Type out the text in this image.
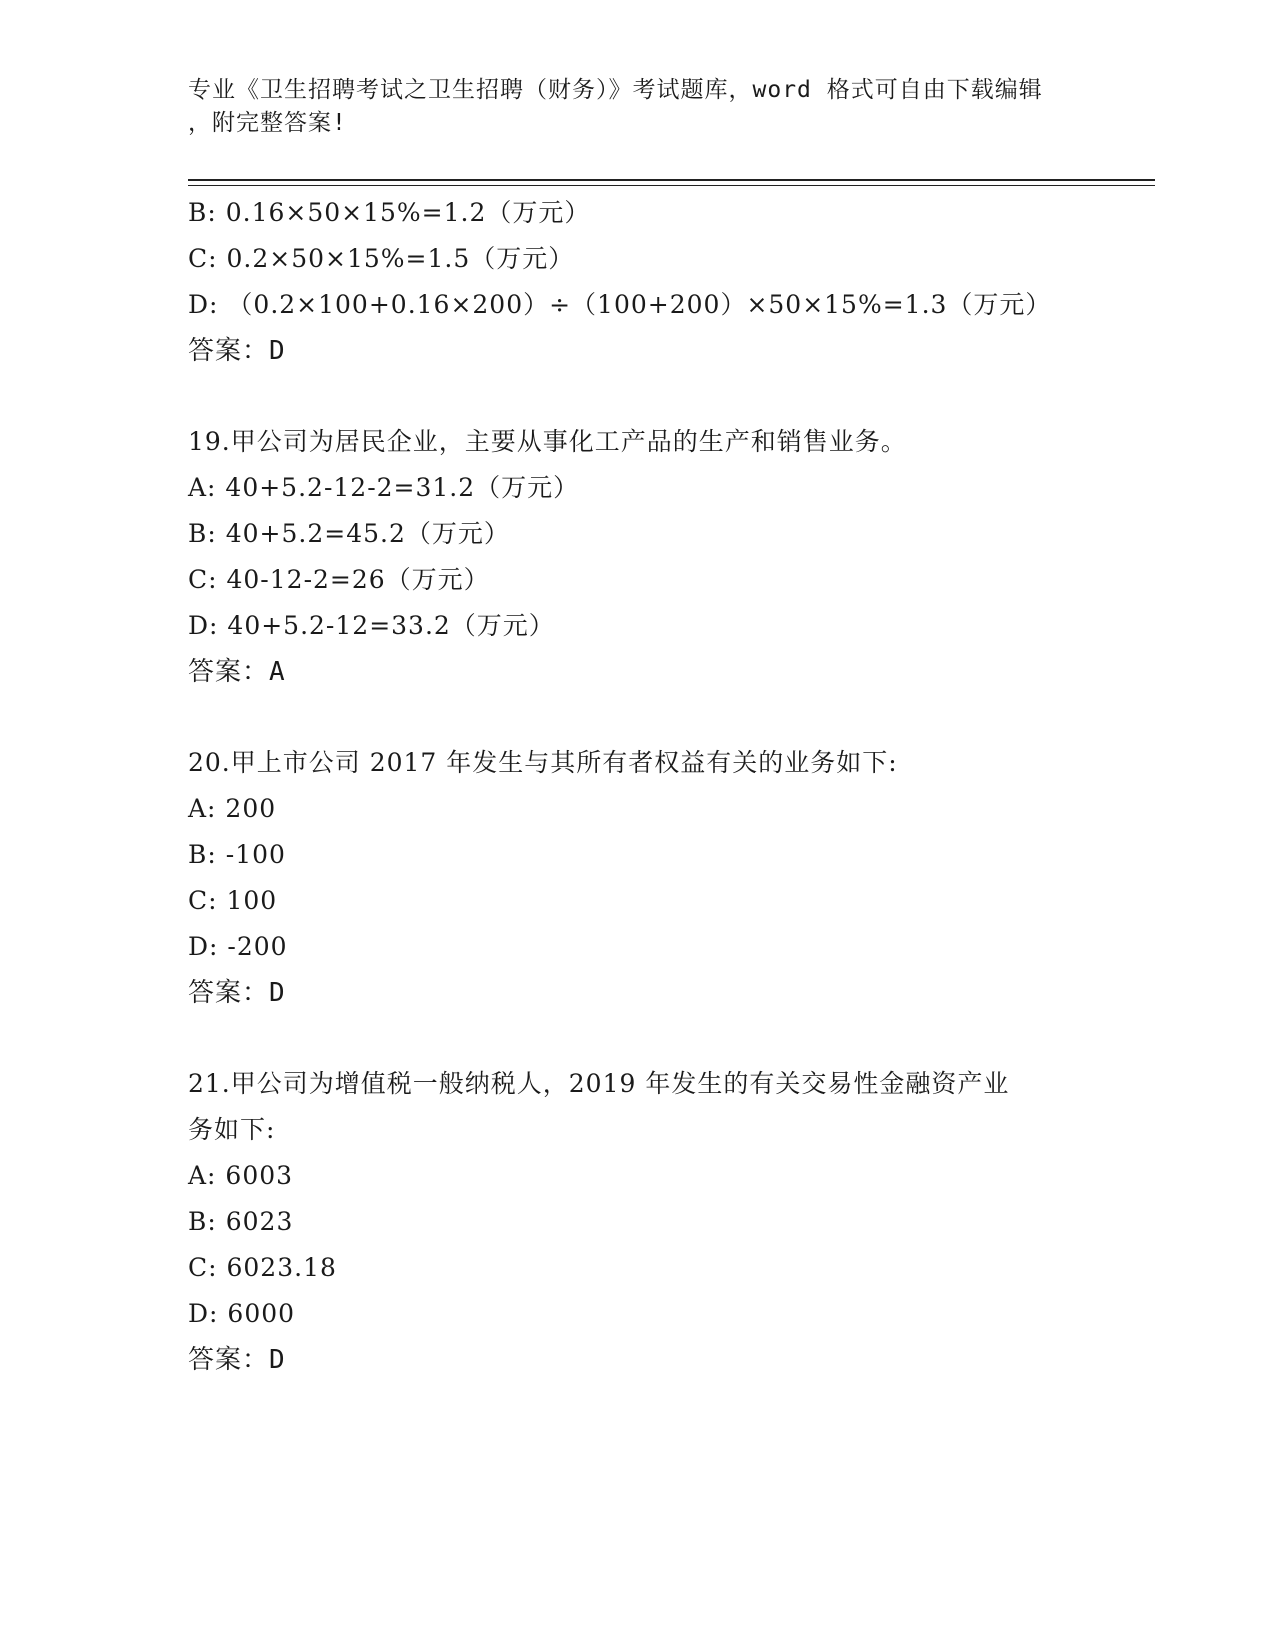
专业《卫生招聘考试之卫生招聘（财务）》考试题库，word 格式可自由下载编辑
，附完整答案!
B: 0.16×50×15%=1.2（万元）
C: 0.2×50×15%=1.5（万元）
D: （0.2×100+0.16×200）÷（100+200）×50×15%=1.3（万元）
答案：D
19.甲公司为居民企业，主要从事化工产品的生产和销售业务。
A: 40+5.2-12-2=31.2（万元）
B: 40+5.2=45.2（万元）
C: 40-12-2=26（万元）
D: 40+5.2-12=33.2（万元）
答案：A
20.甲上市公司 2017 年发生与其所有者权益有关的业务如下:
A: 200
B: -100
C: 100
D: -200
答案：D
21.甲公司为增值税一般纳税人，2019 年发生的有关交易性金融资产业
务如下:
A: 6003
B: 6023
C: 6023.18
D: 6000
答案：D
